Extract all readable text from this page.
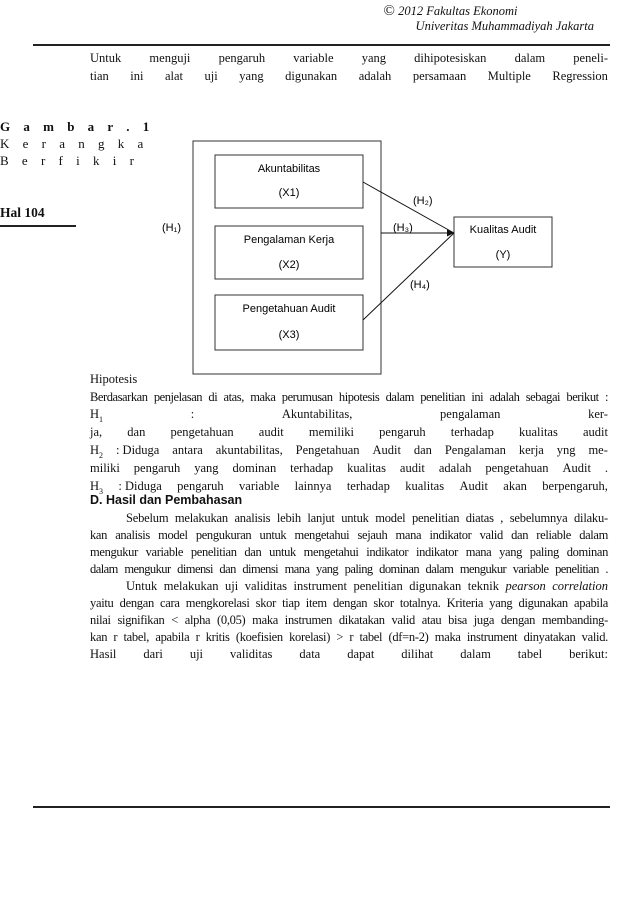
© 2012 Fakultas Ekonomi
Univeritas Muhammadiyah Jakarta
Untuk menguji pengaruh variable yang dihipotesiskan dalam peneli-
tian ini alat uji yang digunakan adalah persamaan Multiple Regression
G a m b a r . 1
K e r a n g k a
B e r f i k i r
Hal 104
Akuntabilitas
(X1)
Pengalaman Kerja
(X2)
Pengetahuan Audit
(X3)
Kualitas Audit
(Y)
(H₁)
(H₂)
(H₃)
(H₄)
Hipotesis
Berdasarkan penjelasan di atas, maka perumusan hipotesis dalam penelitian ini adalah sebagai berikut :
$H_1$	:	Akuntabilitas,	pengalaman	ker-
ja, dan pengetahuan audit memiliki pengaruh terhadap kualitas audit
$H_2$ : Diduga antara akuntabilitas, Pengetahuan Audit dan Pengalaman kerja yng me-
miliki pengaruh yang dominan terhadap kualitas audit adalah pengetahuan Audit .
$H_3$ : Diduga pengaruh variable lainnya terhadap kualitas Audit akan berpengaruh,
D. Hasil dan Pembahasan
Sebelum melakukan analisis lebih lanjut untuk model penelitian diatas , sebelumnya dilaku-
kan analisis model pengukuran untuk mengetahui sejauh mana indikator valid dan reliable dalam
mengukur variable penelitian dan untuk mengetahui indikator indikator mana yang paling dominan
dalam mengukur dimensi dan dimensi mana yang paling dominan dalam mengukur variable penelitian .
Untuk melakukan uji validitas instrument penelitian digunakan teknik pearson correlation
yaitu dengan cara mengkorelasi skor tiap item dengan skor totalnya. Kriteria yang digunakan apabila
nilai signifikan < alpha (0,05) maka instrumen dikatakan valid atau bisa juga dengan membanding-
kan r tabel, apabila r kritis (koefisien korelasi) > r tabel (df=n-2) maka instrument dinyatakan valid.
Hasil dari uji validitas data dapat dilihat dalam tabel berikut:
